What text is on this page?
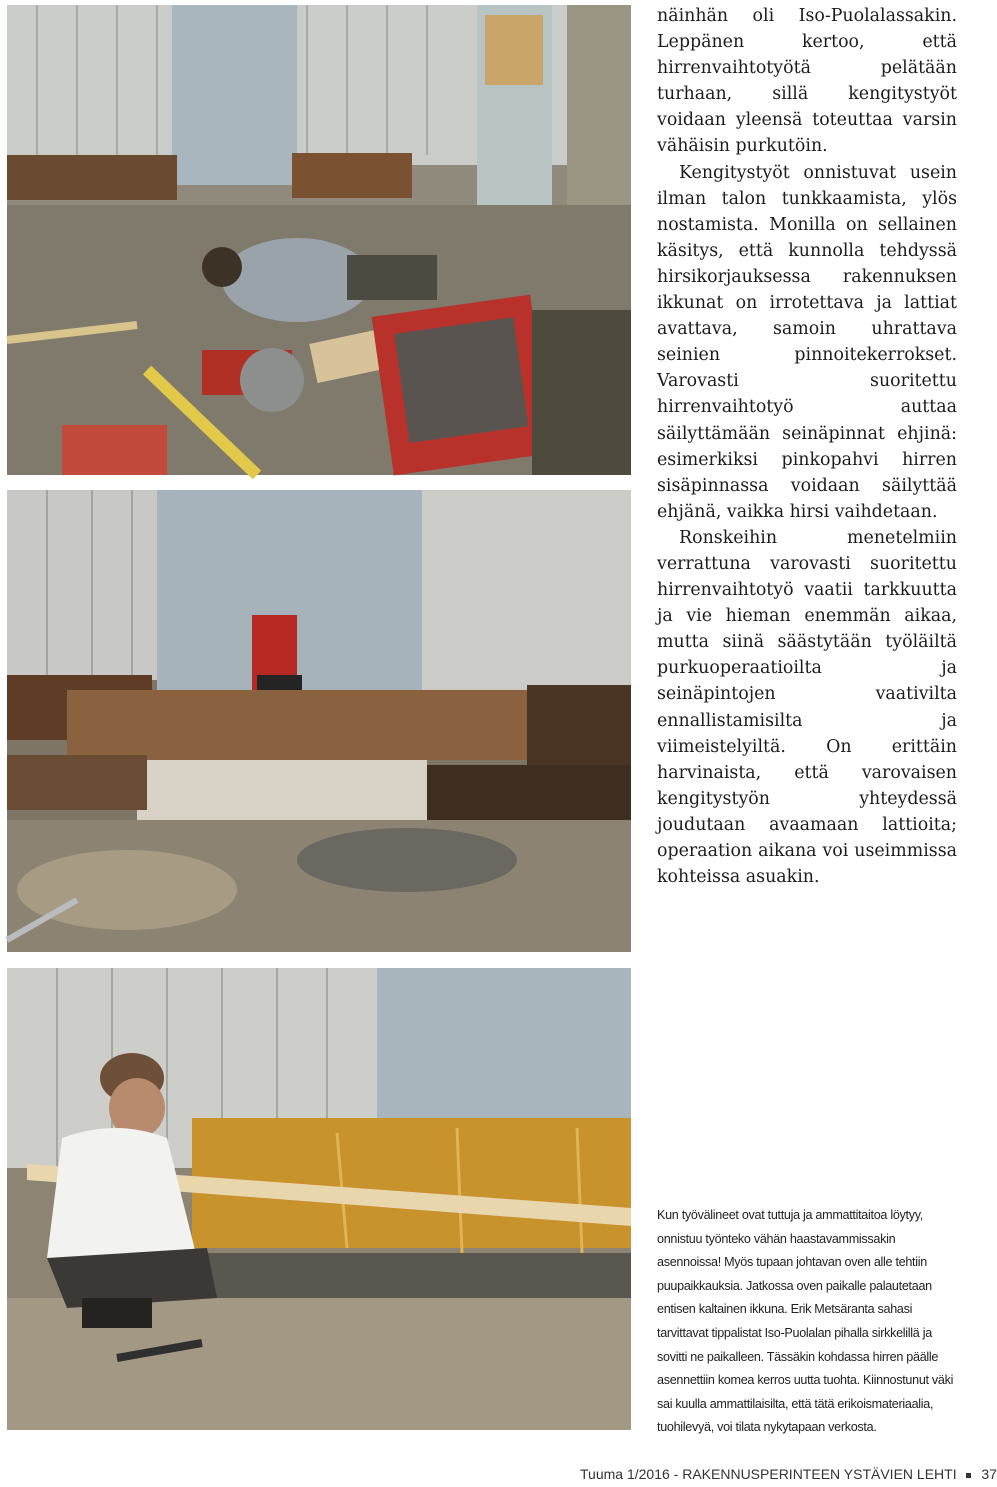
näinhän oli Iso-Puolalassakin. Leppänen kertoo, että hirrenvaihtotyötä pelätään turhaan, sillä kengitystyöt voidaan yleensä toteuttaa varsin vähäisin purkutöin.

Kengitystyöt onnistuvat usein ilman talon tunkkaamista, ylös nostamista. Monilla on sellainen käsitys, että kunnolla tehdyssä hirsikorjauksessa rakennuksen ikkunat on irrotettava ja lattiat avattava, samoin uhrattava seinien pinnoitekerrokset. Varovasti suoritettu hirrenvaihtotyö auttaa säilyttämään seinäpinnat ehjinä: esimerkiksi pinkopahvi hirren sisäpinnassa voidaan säilyttää ehjänä, vaikka hirsi vaihdetaan.

Ronskeihin menetelmiin verrattuna varovasti suoritettu hirrenvaihtotyö vaatii tarkkuutta ja vie hieman enemmän aikaa, mutta siinä säästytään työläiltä purkuoperaatioilta ja seinäpintojen vaativilta ennallistamisilta ja viimeistelyiltä. On erittäin harvinaista, että varovaisen kengitystyön yhteydessä joudutaan avaamaan lattioita; operaation aikana voi useimmissa kohteissa asuakin.

Kun työvälineet ovat tuttuja ja ammattitaitoa löytyy, onnistuu työnteko vähän haastavammissakin asennoissa! Myös tupaan johtavan oven alle tehtiin puupaikkauksia. Jatkossa oven paikalle palautetaan entisen kaltainen ikkuna. Erik Metsäranta sahasi tarvittavat tippalistat Iso-Puolalan pihalla sirkkelillä ja sovitti ne paikalleen. Tässäkin kohdassa hirren päälle asennettiin komea kerros uutta tuohta. Kiinnostunut väki sai kuulla ammattilaisilta, että tätä erikoismateriaalia, tuohilevyä, voi tilata nykytapaan verkosta.

Tuuma 1/2016 - RAKENNUSPERINTEEN YSTÄVIEN LEHTI 37
